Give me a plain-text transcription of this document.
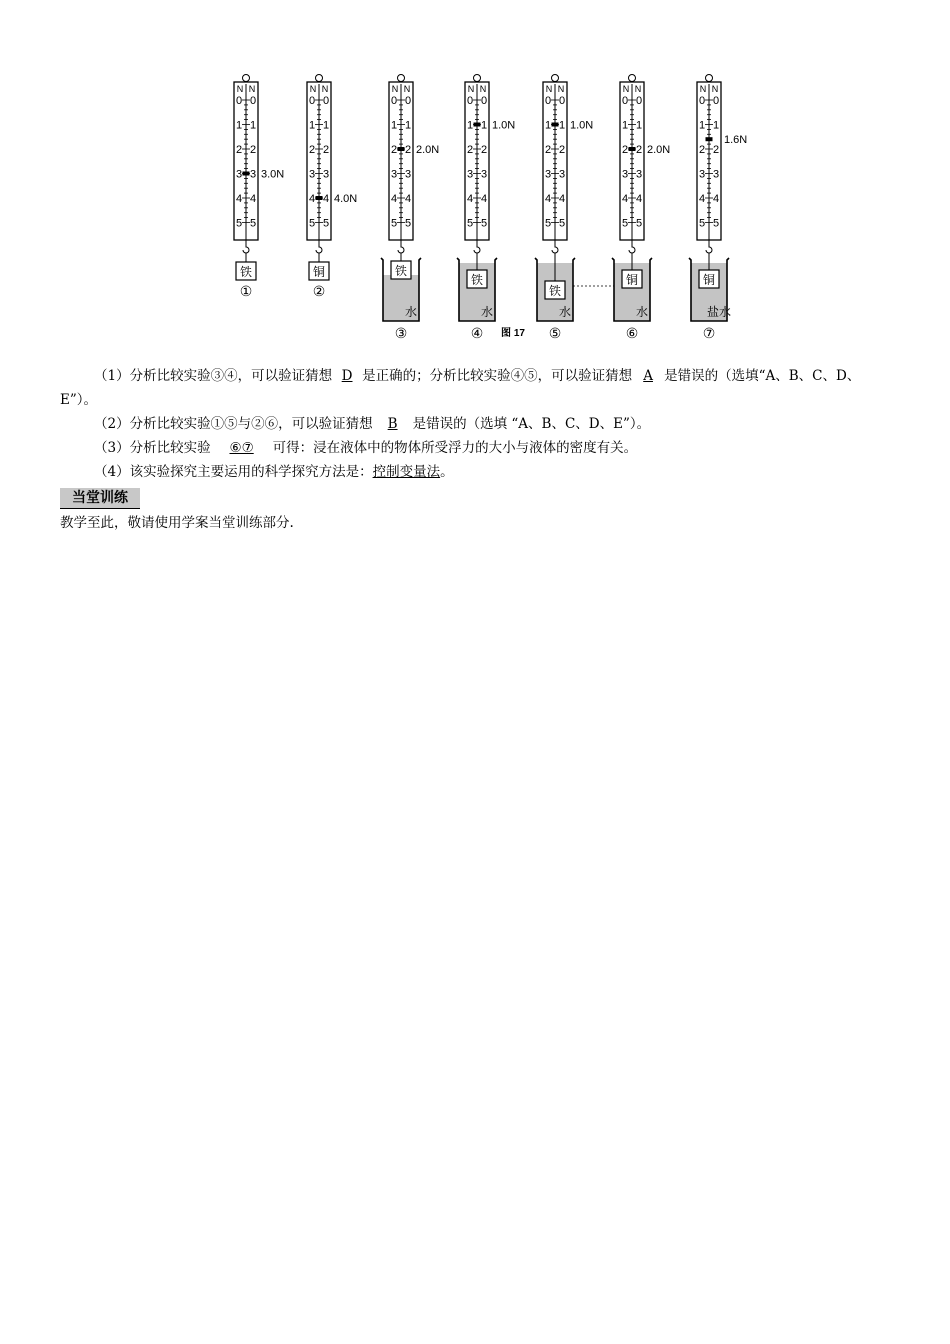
N N
0 0
1 1
2 2
3 3
4 4
5 5
3.0N
铁
①
N N
0 0
1 1
2 2
3 3
4 4
5 5
4.0N
铜
②
N N
0 0
1 1
2 2
3 3
4 4
5 5
2.0N
铁
水
③
N N
0 0
1 1
2 2
3 3
4 4
5 5
1.0N
铁
水
④
N N
0 0
1 1
2 2
3 3
4 4
5 5
1.0N
铁
水
⑤
N N
0 0
1 1
2 2
3 3
4 4
5 5
2.0N
铜
水
⑥
N N
0 0
1 1
2 2
3 3
4 4
5 5
1.6N
铜
盐水
⑦
图 17

（1）分析比较实验③④，可以验证猜想 D 是正确的；分析比较实验④⑤，可以验证猜想 A 是错误的（选填“A、B、C、D、E”）。

（2）分析比较实验①⑤与②⑥，可以验证猜想 B 是错误的（选填 “A、B、C、D、E”）。

（3）分析比较实验 ⑥⑦ 可得：浸在液体中的物体所受浮力的大小与液体的密度有关。

（4）该实验探究主要运用的科学探究方法是：控制变量法。

当堂训练
教学至此，敬请使用学案当堂训练部分.
